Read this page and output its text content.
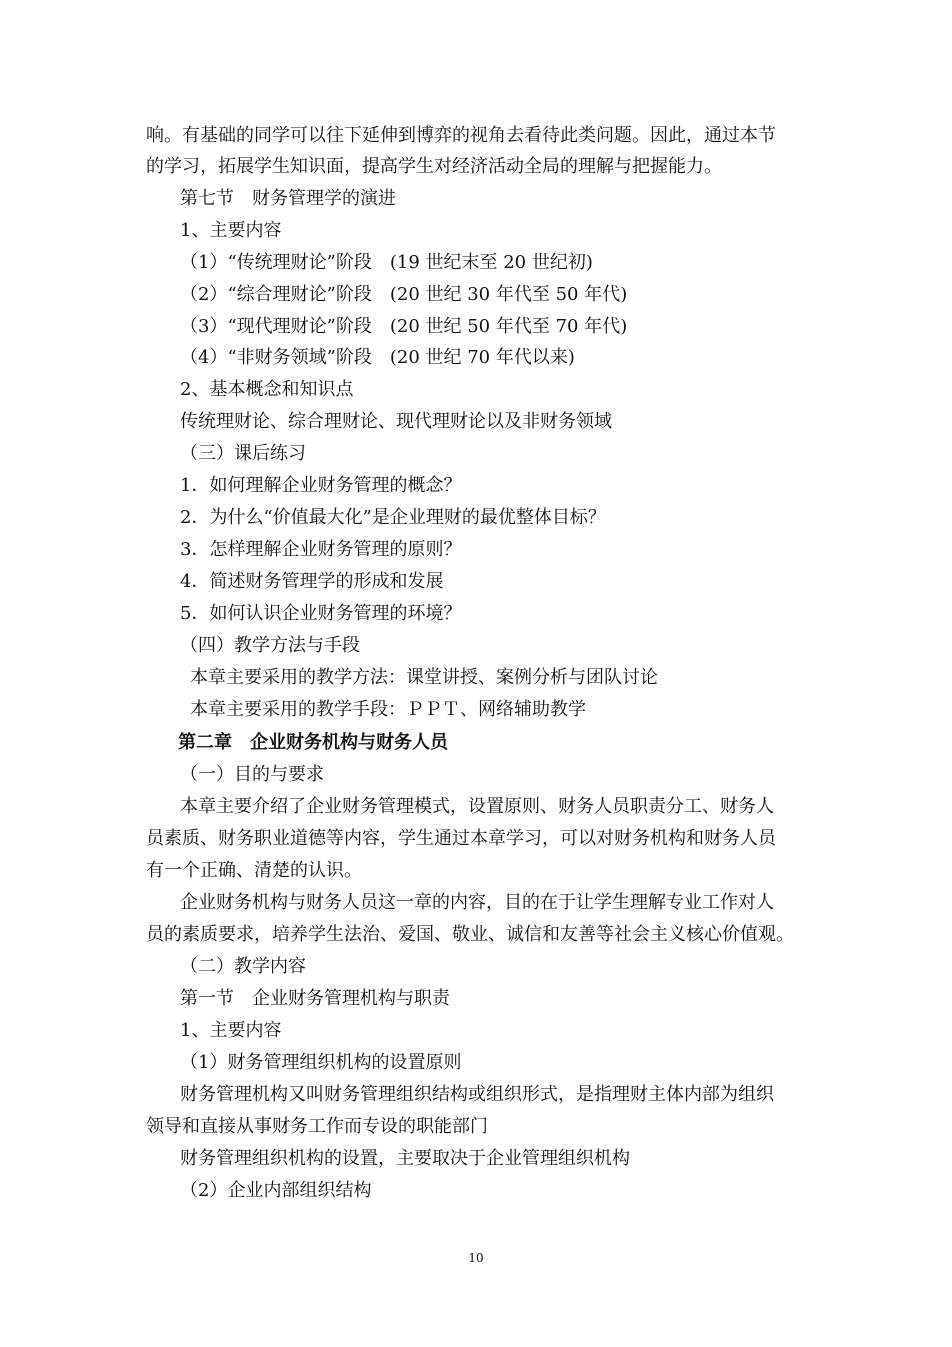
响。有基础的同学可以往下延伸到博弈的视角去看待此类问题。因此，通过本节
的学习，拓展学生知识面，提高学生对经济活动全局的理解与把握能力。
第七节　财务管理学的演进
1、主要内容
（1）“传统理财论”阶段　(19 世纪末至 20 世纪初)
（2）“综合理财论”阶段　(20 世纪 30 年代至 50 年代)
（3）“现代理财论”阶段　(20 世纪 50 年代至 70 年代)
（4）“非财务领域”阶段　(20 世纪 70 年代以来)
2、基本概念和知识点
传统理财论、综合理财论、现代理财论以及非财务领域
（三）课后练习
1．如何理解企业财务管理的概念？
2．为什么“价值最大化”是企业理财的最优整体目标？
3．怎样理解企业财务管理的原则？
4．简述财务管理学的形成和发展
5．如何认识企业财务管理的环境？
（四）教学方法与手段
本章主要采用的教学方法：课堂讲授、案例分析与团队讨论
本章主要采用的教学手段：ＰＰＴ、网络辅助教学
第二章　企业财务机构与财务人员
（一）目的与要求
本章主要介绍了企业财务管理模式，设置原则、财务人员职责分工、财务人
员素质、财务职业道德等内容，学生通过本章学习，可以对财务机构和财务人员
有一个正确、清楚的认识。
企业财务机构与财务人员这一章的内容，目的在于让学生理解专业工作对人
员的素质要求，培养学生法治、爱国、敬业、诚信和友善等社会主义核心价值观。
（二）教学内容
第一节　企业财务管理机构与职责
1、主要内容
（1）财务管理组织机构的设置原则
财务管理机构又叫财务管理组织结构或组织形式，是指理财主体内部为组织
领导和直接从事财务工作而专设的职能部门
财务管理组织机构的设置，主要取决于企业管理组织机构
（2）企业内部组织结构
10
